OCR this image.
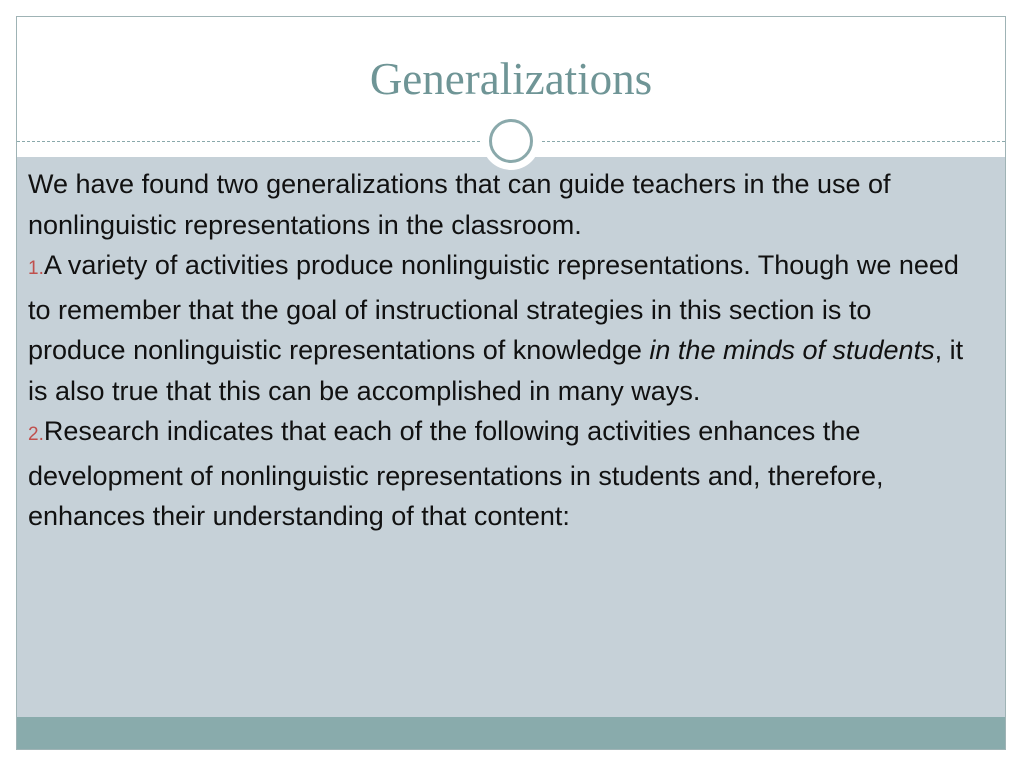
Generalizations

We have found two generalizations that can guide teachers in the use of nonlinguistic representations in the classroom.

1.A variety of activities produce nonlinguistic representations. Though we need to remember that the goal of instructional strategies in this section is to produce nonlinguistic representations of knowledge in the minds of students, it is also true that this can be accomplished in many ways.

2.Research indicates that each of the following activities enhances the development of nonlinguistic representations in students and, therefore, enhances their understanding of that content:
